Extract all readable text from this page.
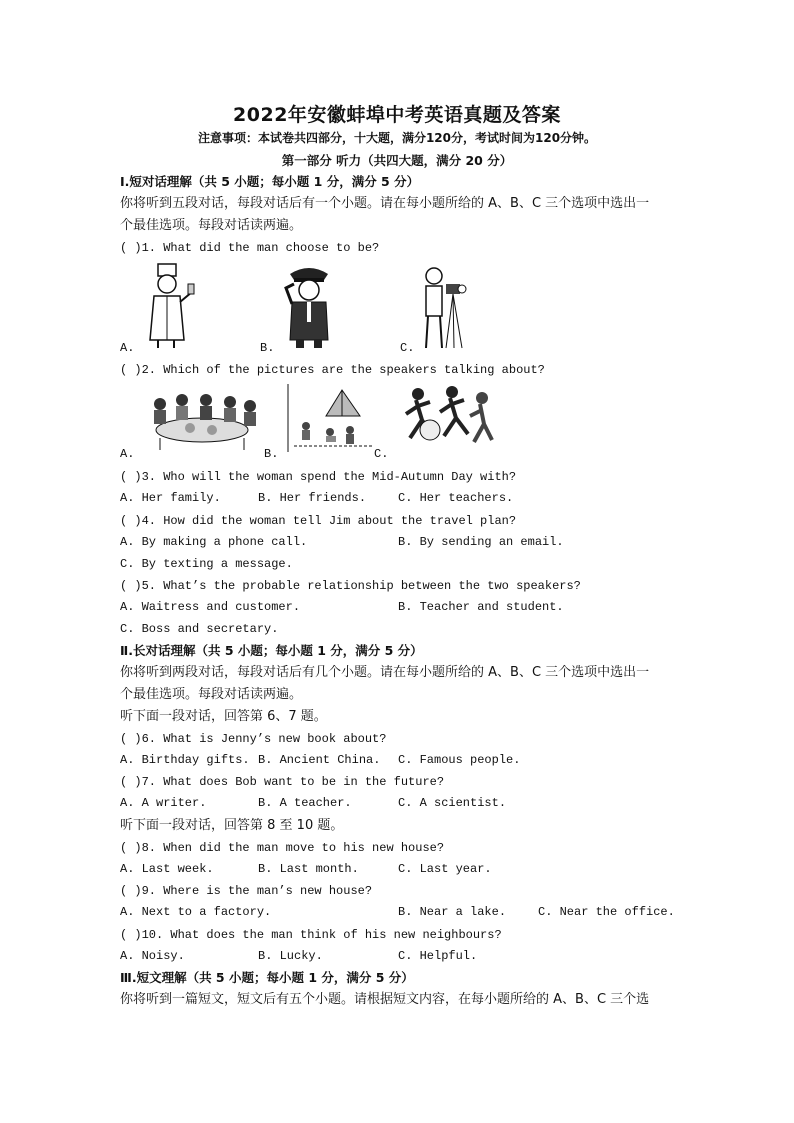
2022年安徽蚌埠中考英语真题及答案
注意事项：本试卷共四部分，十大题，满分120分，考试时间为120分钟。
第一部分 听力（共四大题，满分 20 分）
Ⅰ.短对话理解（共 5 小题；每小题 1 分，满分 5 分）
你将听到五段对话，每段对话后有一个小题。请在每小题所给的 A、B、C 三个选项中选出一
个最佳选项。每段对话读两遍。
( )1. What did the man choose to be?
A.	B.	C.
( )2. Which of the pictures are the speakers talking about?
A.	B.	C.
( )3. Who will the woman spend the Mid-Autumn Day with?
A. Her family.	B. Her friends.	C. Her teachers.
( )4. How did the woman tell Jim about the travel plan?
A. By making a phone call.	B. By sending an email.
C. By texting a message.
( )5. What’s the probable relationship between the two speakers?
A. Waitress and customer.	B. Teacher and student.
C. Boss and secretary.
Ⅱ.长对话理解（共 5 小题；每小题 1 分，满分 5 分）
你将听到两段对话，每段对话后有几个小题。请在每小题所给的 A、B、C 三个选项中选出一
个最佳选项。每段对话读两遍。
听下面一段对话，回答第 6、7 题。
( )6. What is Jenny’s new book about?
A. Birthday gifts. B. Ancient China. C. Famous people.
( )7. What does Bob want to be in the future?
A. A writer.	B. A teacher.	C. A scientist.
听下面一段对话，回答第 8 至 10 题。
( )8. When did the man move to his new house?
A. Last week.	B. Last month.	C. Last year.
( )9. Where is the man’s new house?
A. Next to a factory.	B. Near a lake.	C. Near the office.
( )10. What does the man think of his new neighbours?
A. Noisy.	B. Lucky.	C. Helpful.
Ⅲ.短文理解（共 5 小题；每小题 1 分，满分 5 分）
你将听到一篇短文，短文后有五个小题。请根据短文内容，在每小题所给的 A、B、C 三个选
